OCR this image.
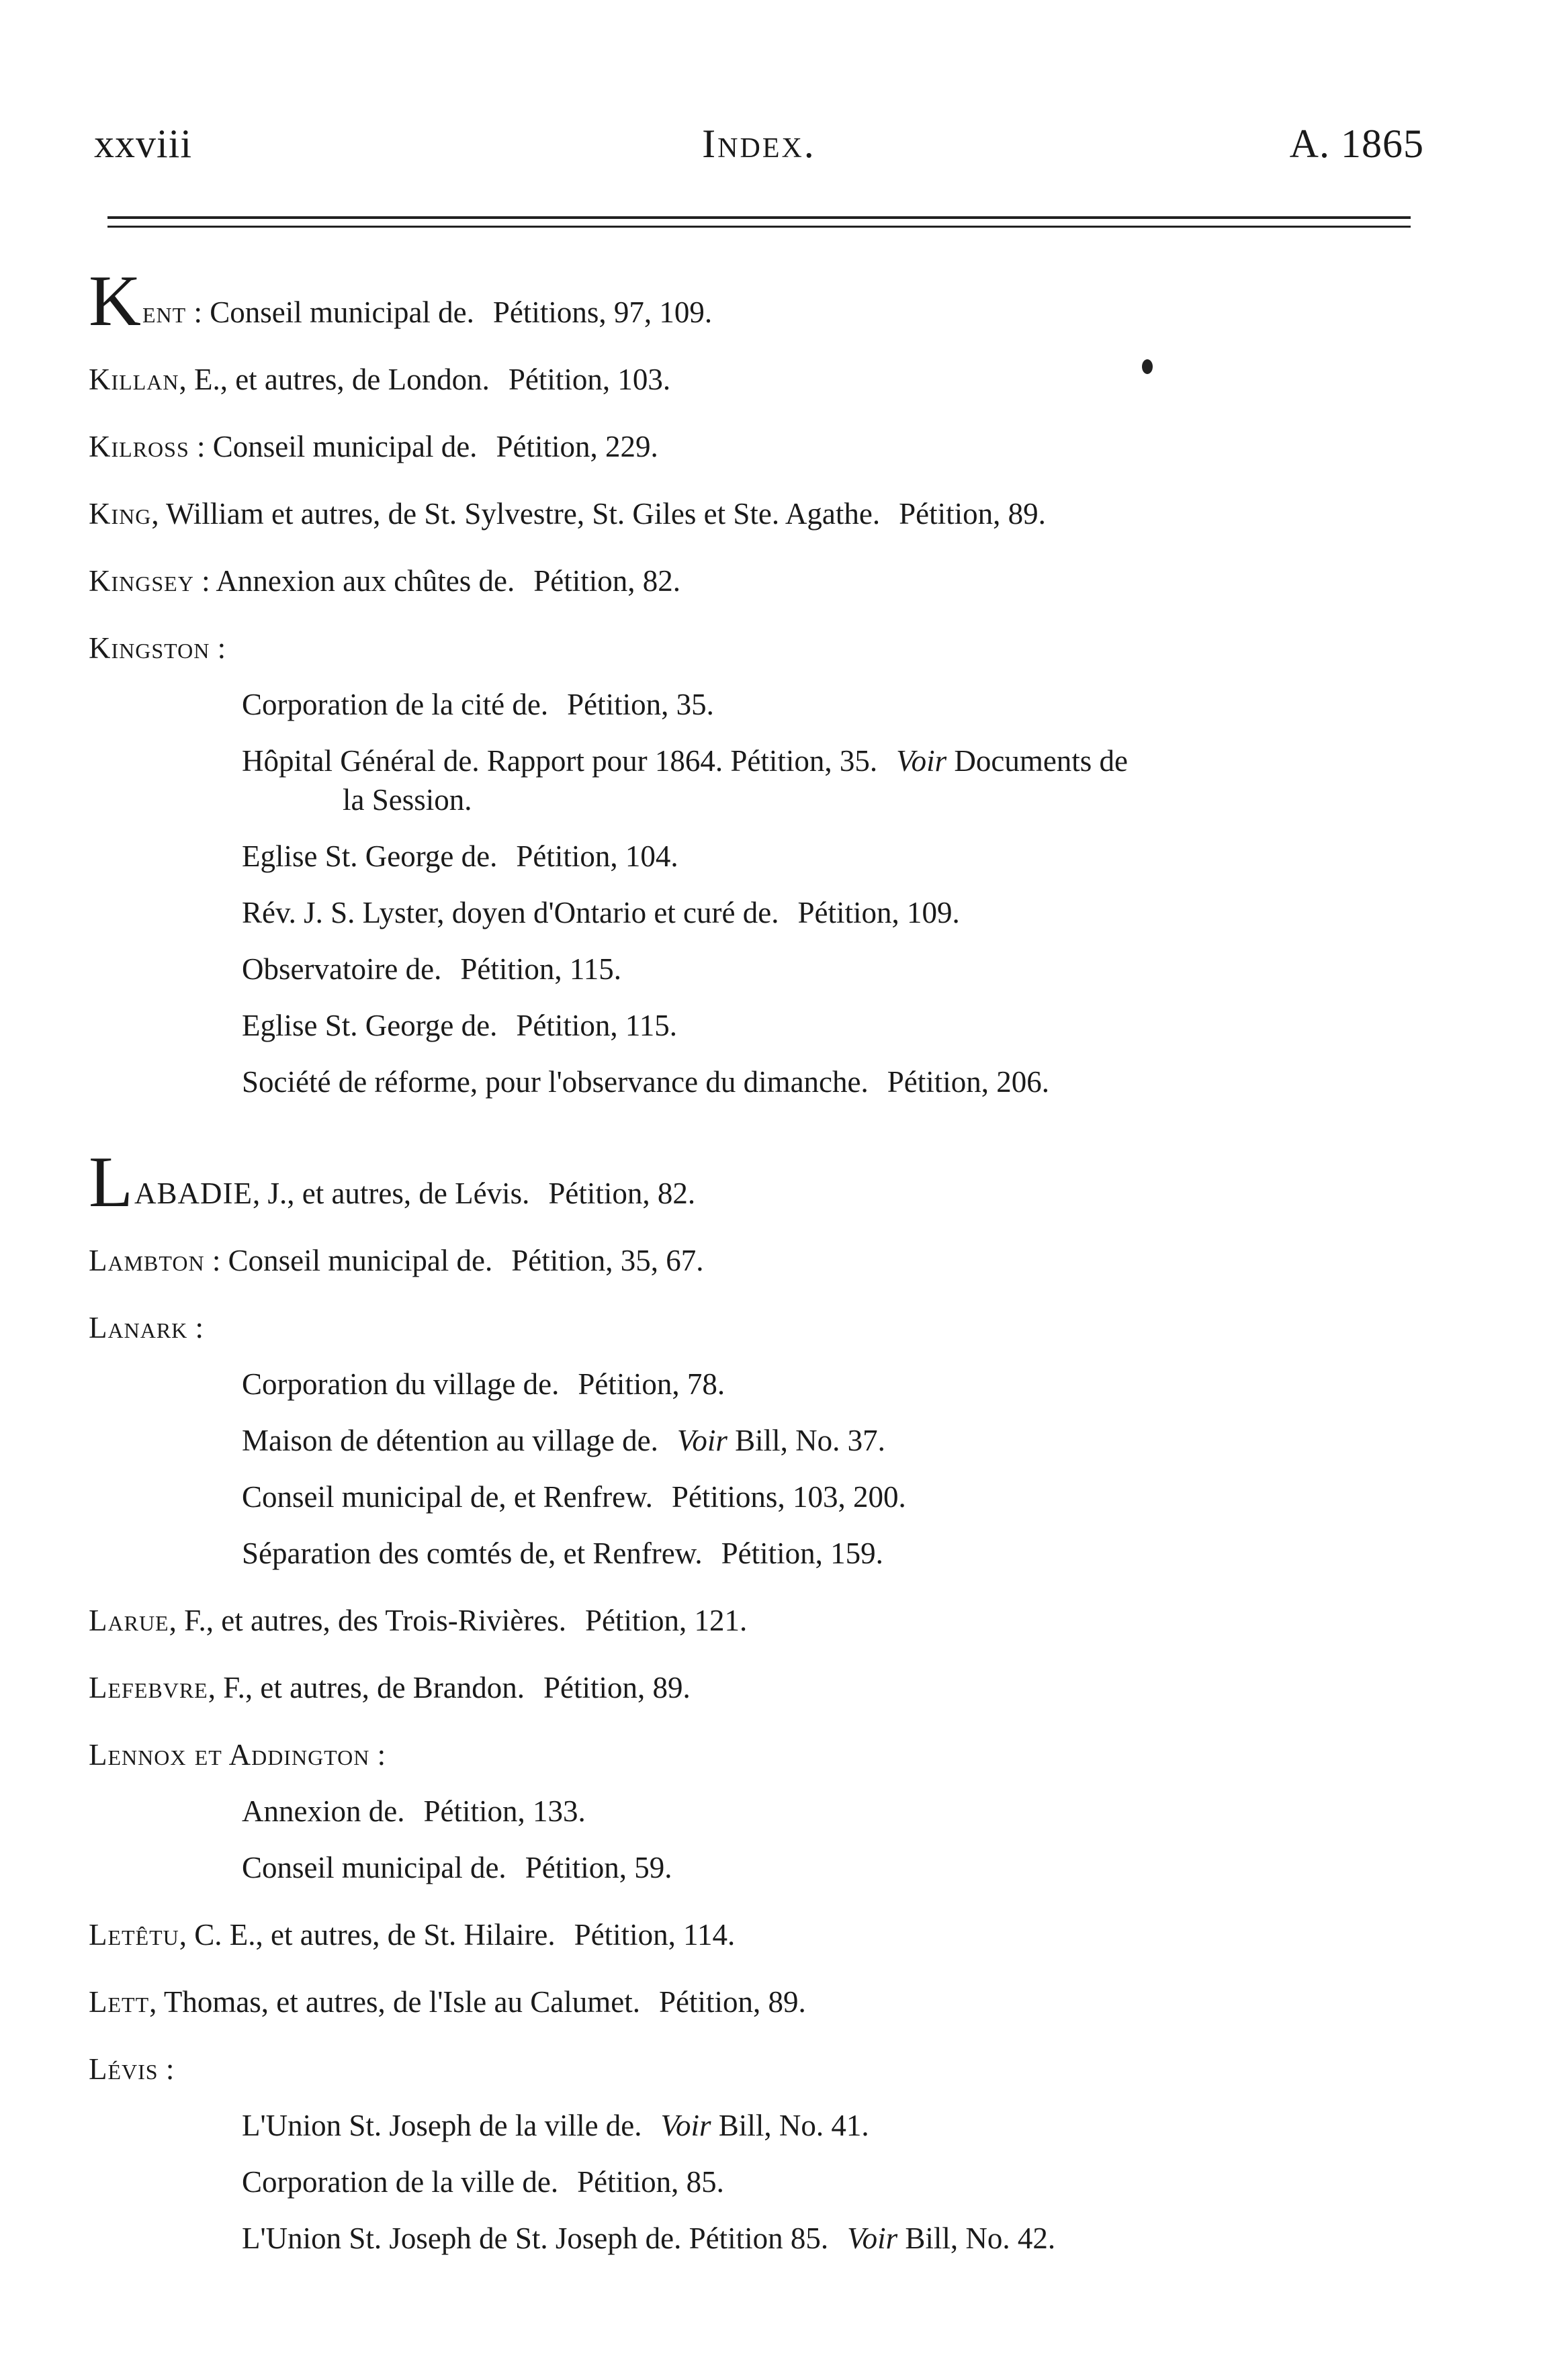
xxviii	Index.	A. 1865
Kent : Conseil municipal de. Pétitions, 97, 109.
Killan, E., et autres, de London. Pétition, 103.
Kilross : Conseil municipal de. Pétition, 229.
King, William et autres, de St. Sylvestre, St. Giles et Ste. Agathe. Pétition, 89.
Kingsey : Annexion aux chûtes de. Pétition, 82.
Kingston :
Corporation de la cité de. Pétition, 35.
Hôpital Général de. Rapport pour 1864. Pétition, 35. Voir Documents de
la Session.
Eglise St. George de. Pétition, 104.
Rév. J. S. Lyster, doyen d'Ontario et curé de. Pétition, 109.
Observatoire de. Pétition, 115.
Eglise St. George de. Pétition, 115.
Société de réforme, pour l'observance du dimanche. Pétition, 206.
LABADIE, J., et autres, de Lévis. Pétition, 82.
Lambton : Conseil municipal de. Pétition, 35, 67.
Lanark :
Corporation du village de. Pétition, 78.
Maison de détention au village de. Voir Bill, No. 37.
Conseil municipal de, et Renfrew. Pétitions, 103, 200.
Séparation des comtés de, et Renfrew. Pétition, 159.
Larue, F., et autres, des Trois-Rivières. Pétition, 121.
Lefebvre, F., et autres, de Brandon. Pétition, 89.
Lennox et Addington :
Annexion de. Pétition, 133.
Conseil municipal de. Pétition, 59.
Letêtu, C. E., et autres, de St. Hilaire. Pétition, 114.
Lett, Thomas, et autres, de l'Isle au Calumet. Pétition, 89.
Lévis :
L'Union St. Joseph de la ville de. Voir Bill, No. 41.
Corporation de la ville de. Pétition, 85.
L'Union St. Joseph de St. Joseph de. Pétition 85. Voir Bill, No. 42.
